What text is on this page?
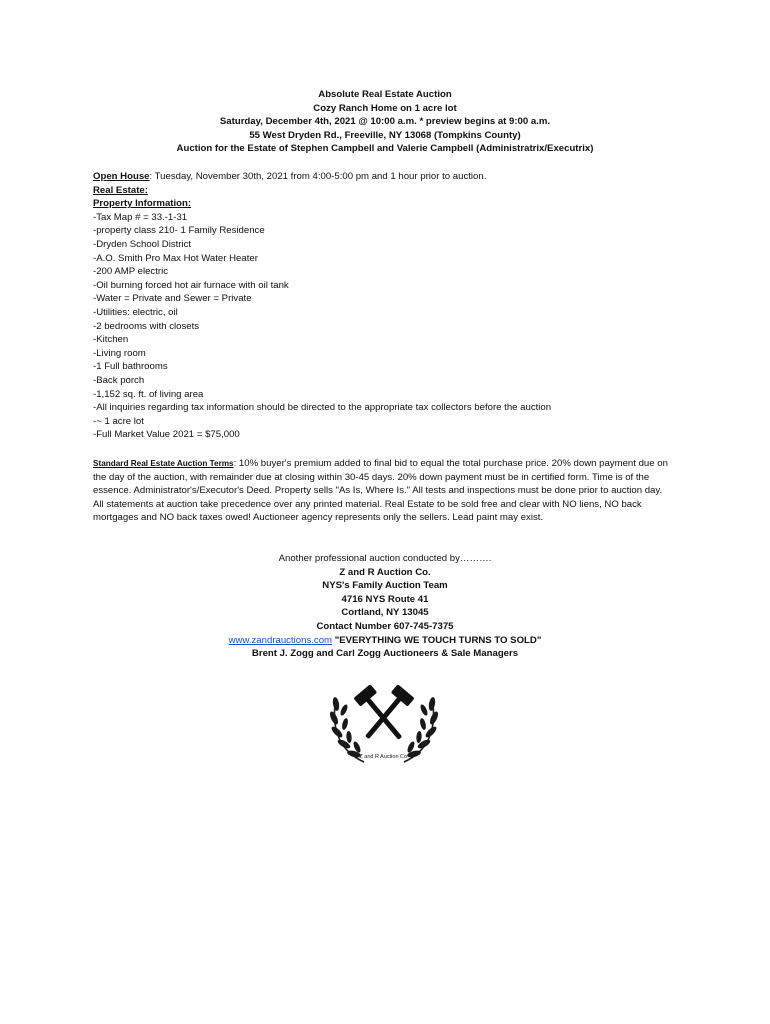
Absolute Real Estate Auction
Cozy Ranch Home on 1 acre lot
Saturday, December 4th, 2021 @ 10:00 a.m. * preview begins at 9:00 a.m.
55 West Dryden Rd., Freeville, NY 13068 (Tompkins County)
Auction for the Estate of Stephen Campbell and Valerie Campbell (Administratrix/Executrix)
Open House: Tuesday, November 30th, 2021 from 4:00-5:00 pm and 1 hour prior to auction.
Real Estate:
Property Information:
-Tax Map # = 33.-1-31
-property class 210- 1 Family Residence
-Dryden School District
-A.O. Smith Pro Max Hot Water Heater
-200 AMP electric
-Oil burning forced hot air furnace with oil tank
-Water = Private and Sewer = Private
-Utilities: electric, oil
-2 bedrooms with closets
-Kitchen
-Living room
-1 Full bathrooms
-Back porch
-1,152 sq. ft. of living area
-All inquiries regarding tax information should be directed to the appropriate tax collectors before the auction
-~ 1 acre lot
-Full Market Value 2021 = $75,000
Standard Real Estate Auction Terms: 10% buyer's premium added to final bid to equal the total purchase price. 20% down payment due on the day of the auction, with remainder due at closing within 30-45 days. 20% down payment must be in certified form. Time is of the essence. Administrator's/Executor's Deed. Property sells "As Is, Where Is." All tests and inspections must be done prior to auction day. All statements at auction take precedence over any printed material. Real Estate to be sold free and clear with NO liens, NO back mortgages and NO back taxes owed! Auctioneer agency represents only the sellers. Lead paint may exist.
Another professional auction conducted by……….
Z and R Auction Co.
NYS's Family Auction Team
4716 NYS Route 41
Cortland, NY 13045
Contact Number 607-745-7375
www.zandrauctions.com "EVERYTHING WE TOUCH TURNS TO SOLD"
Brent J. Zogg and Carl Zogg Auctioneers & Sale Managers
Z and R Auction Co.
